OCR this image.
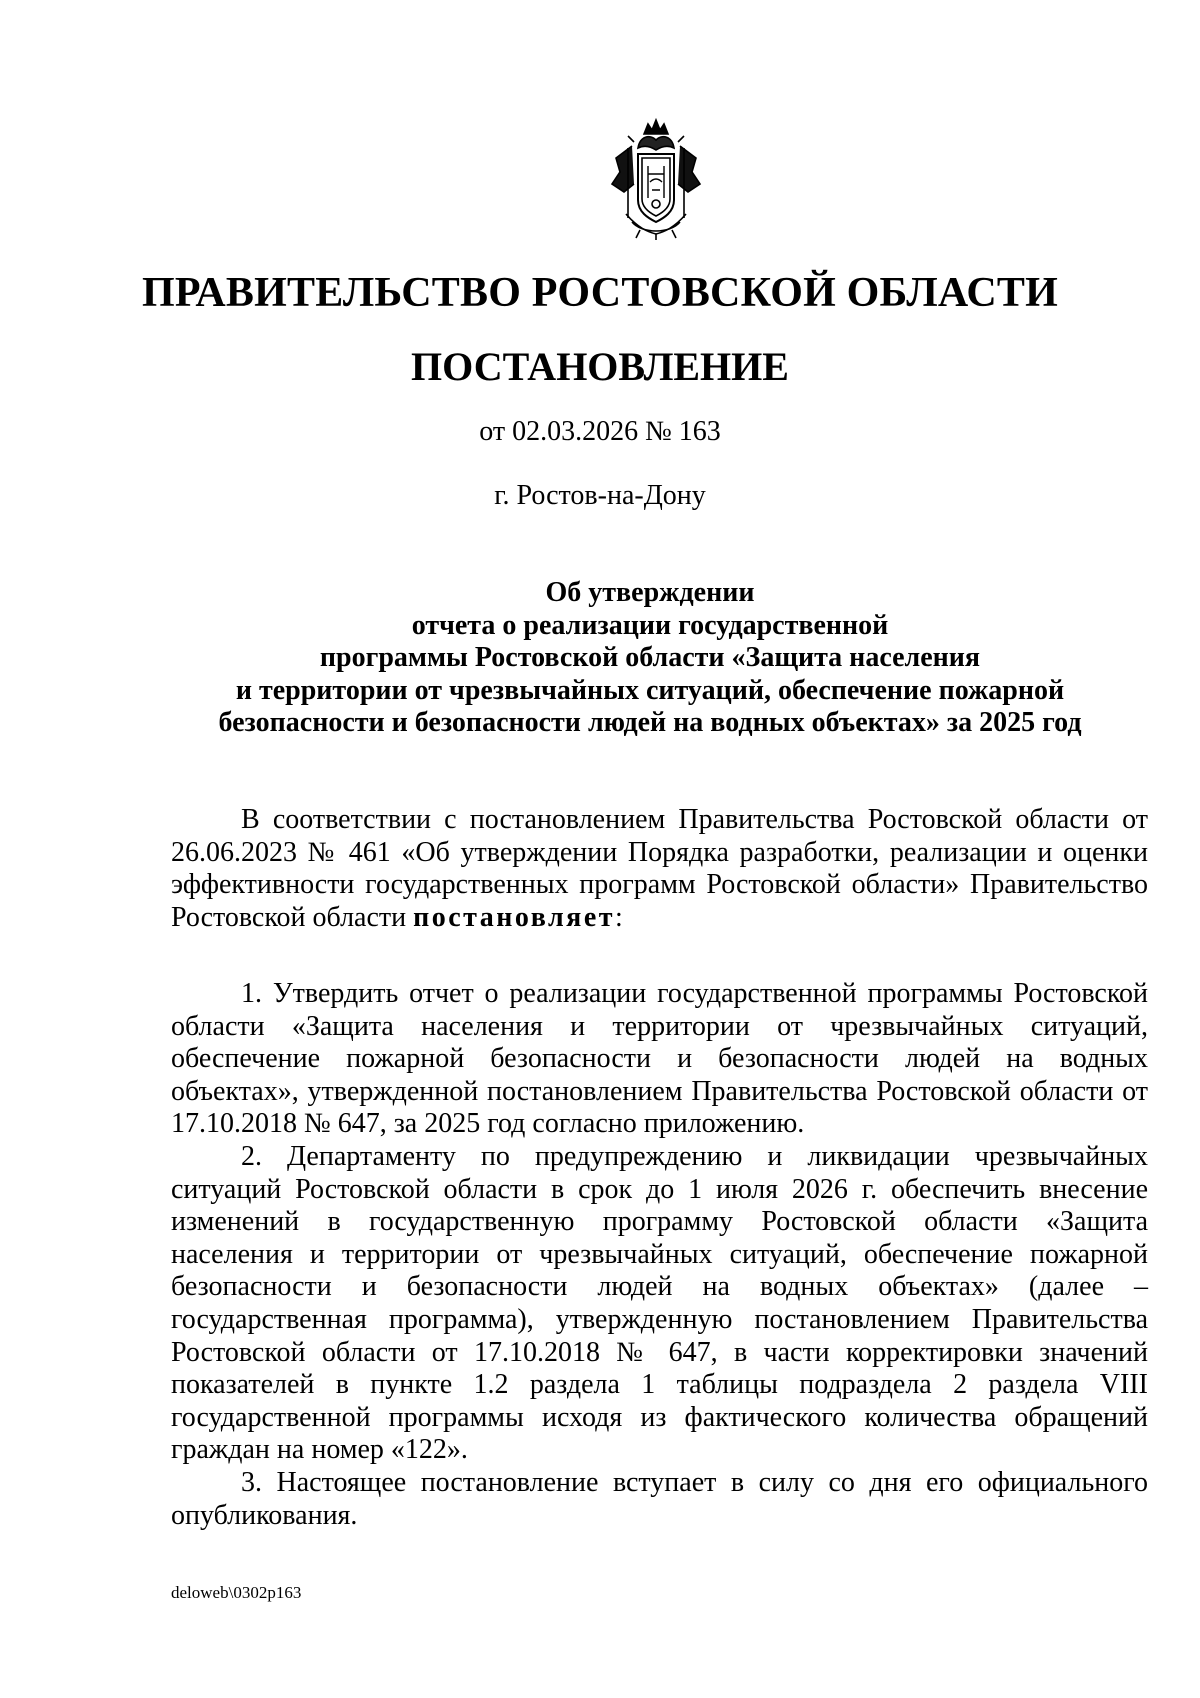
ПРАВИТЕЛЬСТВО РОСТОВСКОЙ ОБЛАСТИ
ПОСТАНОВЛЕНИЕ
от 02.03.2026 № 163
г. Ростов-на-Дону
Об утверждении
отчета о реализации государственной
программы Ростовской области «Защита населения
и территории от чрезвычайных ситуаций, обеспечение пожарной
безопасности и безопасности людей на водных объектах» за 2025 год

В соответствии с постановлением Правительства Ростовской области от 26.06.2023 № 461 «Об утверждении Порядка разработки, реализации и оценки эффективности государственных программ Ростовской области» Правительство Ростовской области постановляет:

1. Утвердить отчет о реализации государственной программы Ростовской области «Защита населения и территории от чрезвычайных ситуаций, обеспечение пожарной безопасности и безопасности людей на водных объектах», утвержденной постановлением Правительства Ростовской области от 17.10.2018 № 647, за 2025 год согласно приложению.

2. Департаменту по предупреждению и ликвидации чрезвычайных ситуаций Ростовской области в срок до 1 июля 2026 г. обеспечить внесение изменений в государственную программу Ростовской области «Защита населения и территории от чрезвычайных ситуаций, обеспечение пожарной безопасности и безопасности людей на водных объектах» (далее – государственная программа), утвержденную постановлением Правительства Ростовской области от 17.10.2018 № 647, в части корректировки значений показателей в пункте 1.2 раздела 1 таблицы подраздела 2 раздела VIII государственной программы исходя из фактического количества обращений граждан на номер «122».

3. Настоящее постановление вступает в силу со дня его официального опубликования.

deloweb\0302p163
